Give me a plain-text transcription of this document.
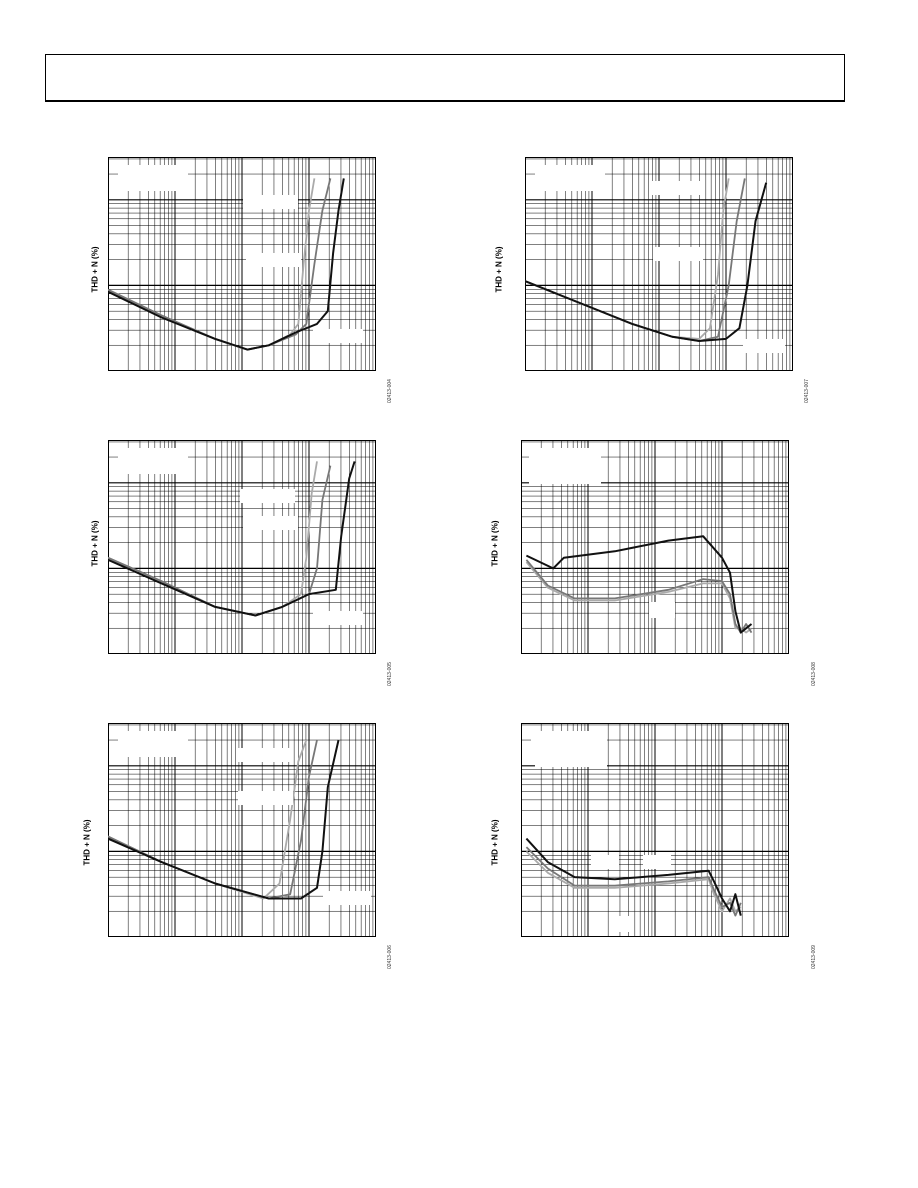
THD + N (%)	THD + N (%)
THD + N (%)	THD + N (%)
THD + N (%)	THD + N (%)
02413-004	02413-007
02413-005	02413-008
02413-006	02413-009
